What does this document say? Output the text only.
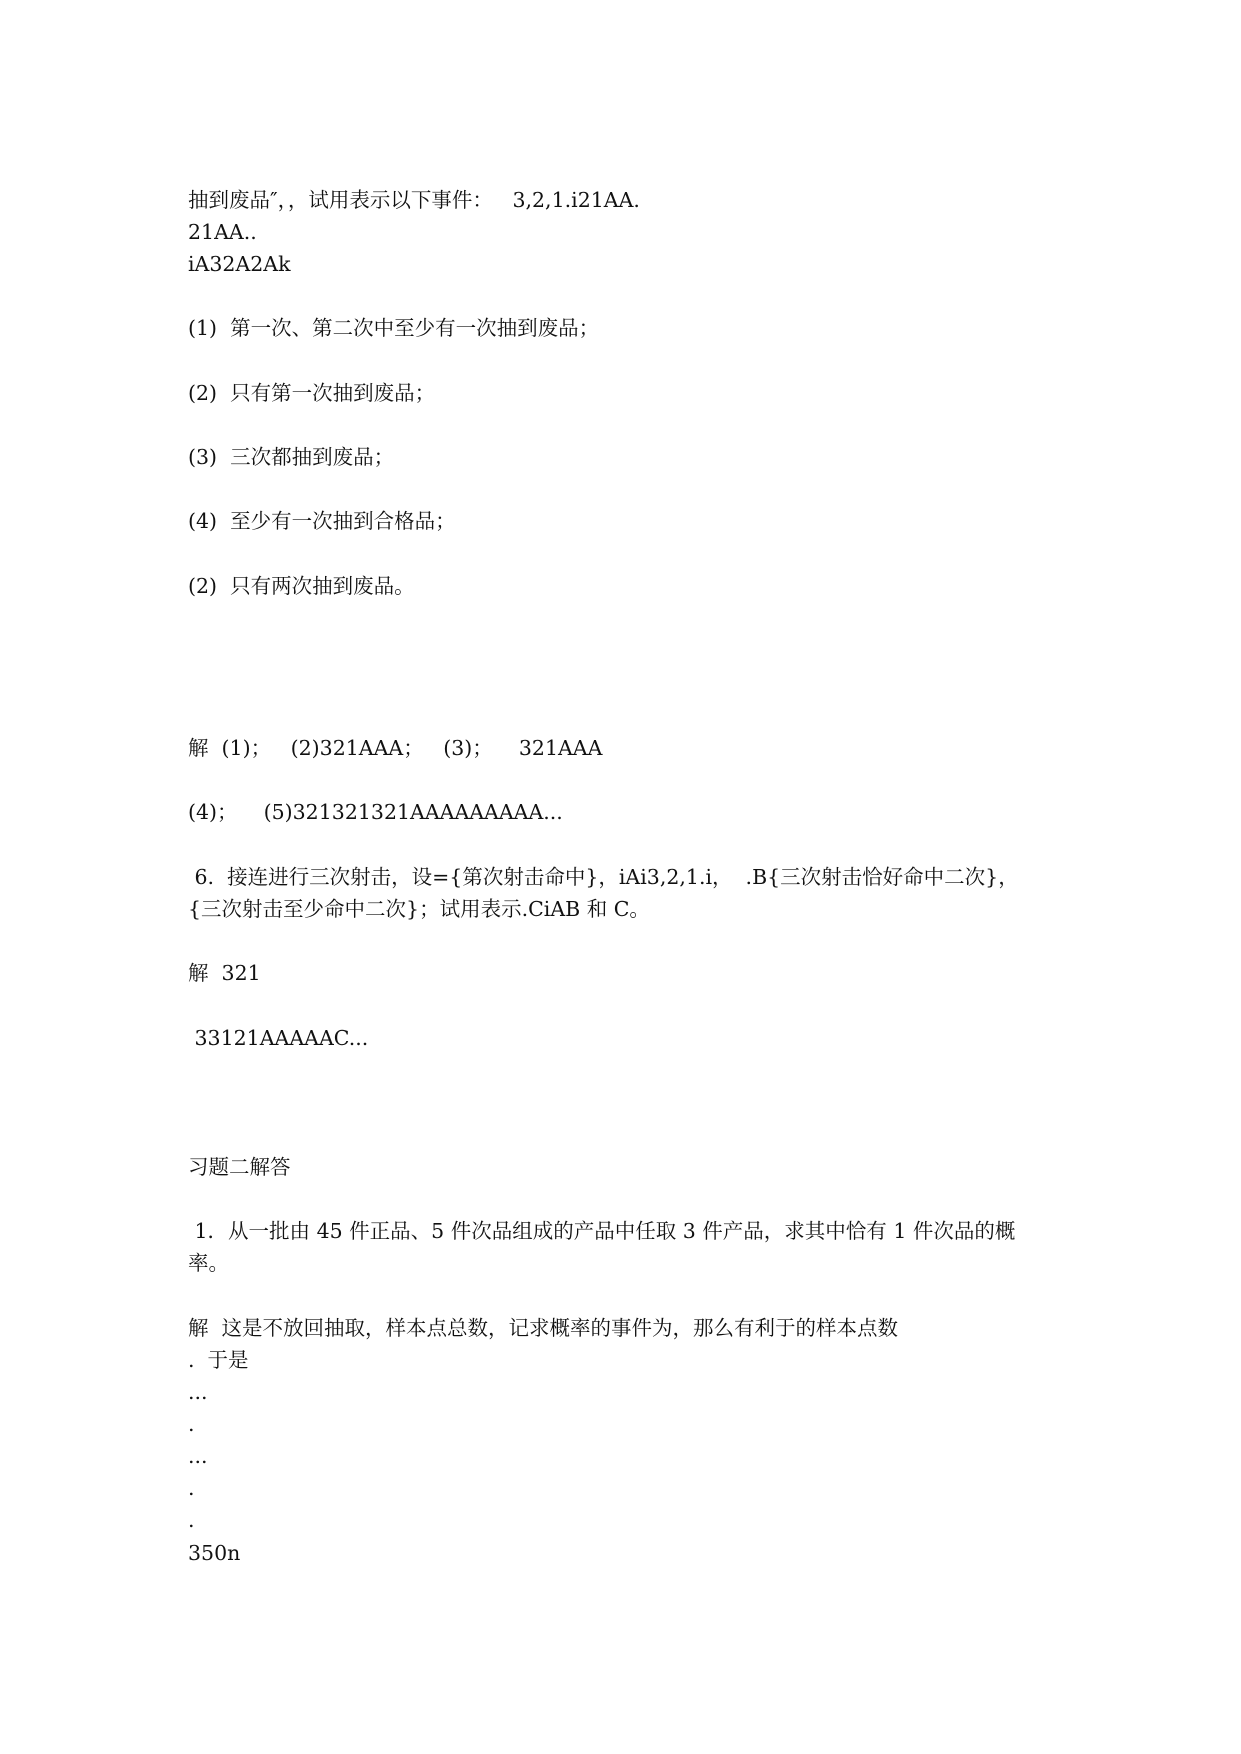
抽到废品″，，试用表示以下事件：   3,2,1.i21AA.
21AA..
iA32A2Ak
(1)  第一次、第二次中至少有一次抽到废品；
(2)  只有第一次抽到废品；
(3)  三次都抽到废品；
(4)  至少有一次抽到合格品；
(2)  只有两次抽到废品。
解  (1)；   (2)321AAA；   (3)；    321AAA
(4)；    (5)321321321AAAAAAAAA...
6.  接连进行三次射击，设={第次射击命中}，iAi3,2,1.i，  .B{三次射击恰好命中二次}，
{三次射击至少命中二次}；试用表示.CiAB 和 C。
解  321
33121AAAAAC...
习题二解答
1．从一批由 45 件正品、5 件次品组成的产品中任取 3 件产品，求其中恰有 1 件次品的概
率。
解  这是不放回抽取，样本点总数，记求概率的事件为，那么有利于的样本点数
.  于是
...
.
...
.
.
350n
